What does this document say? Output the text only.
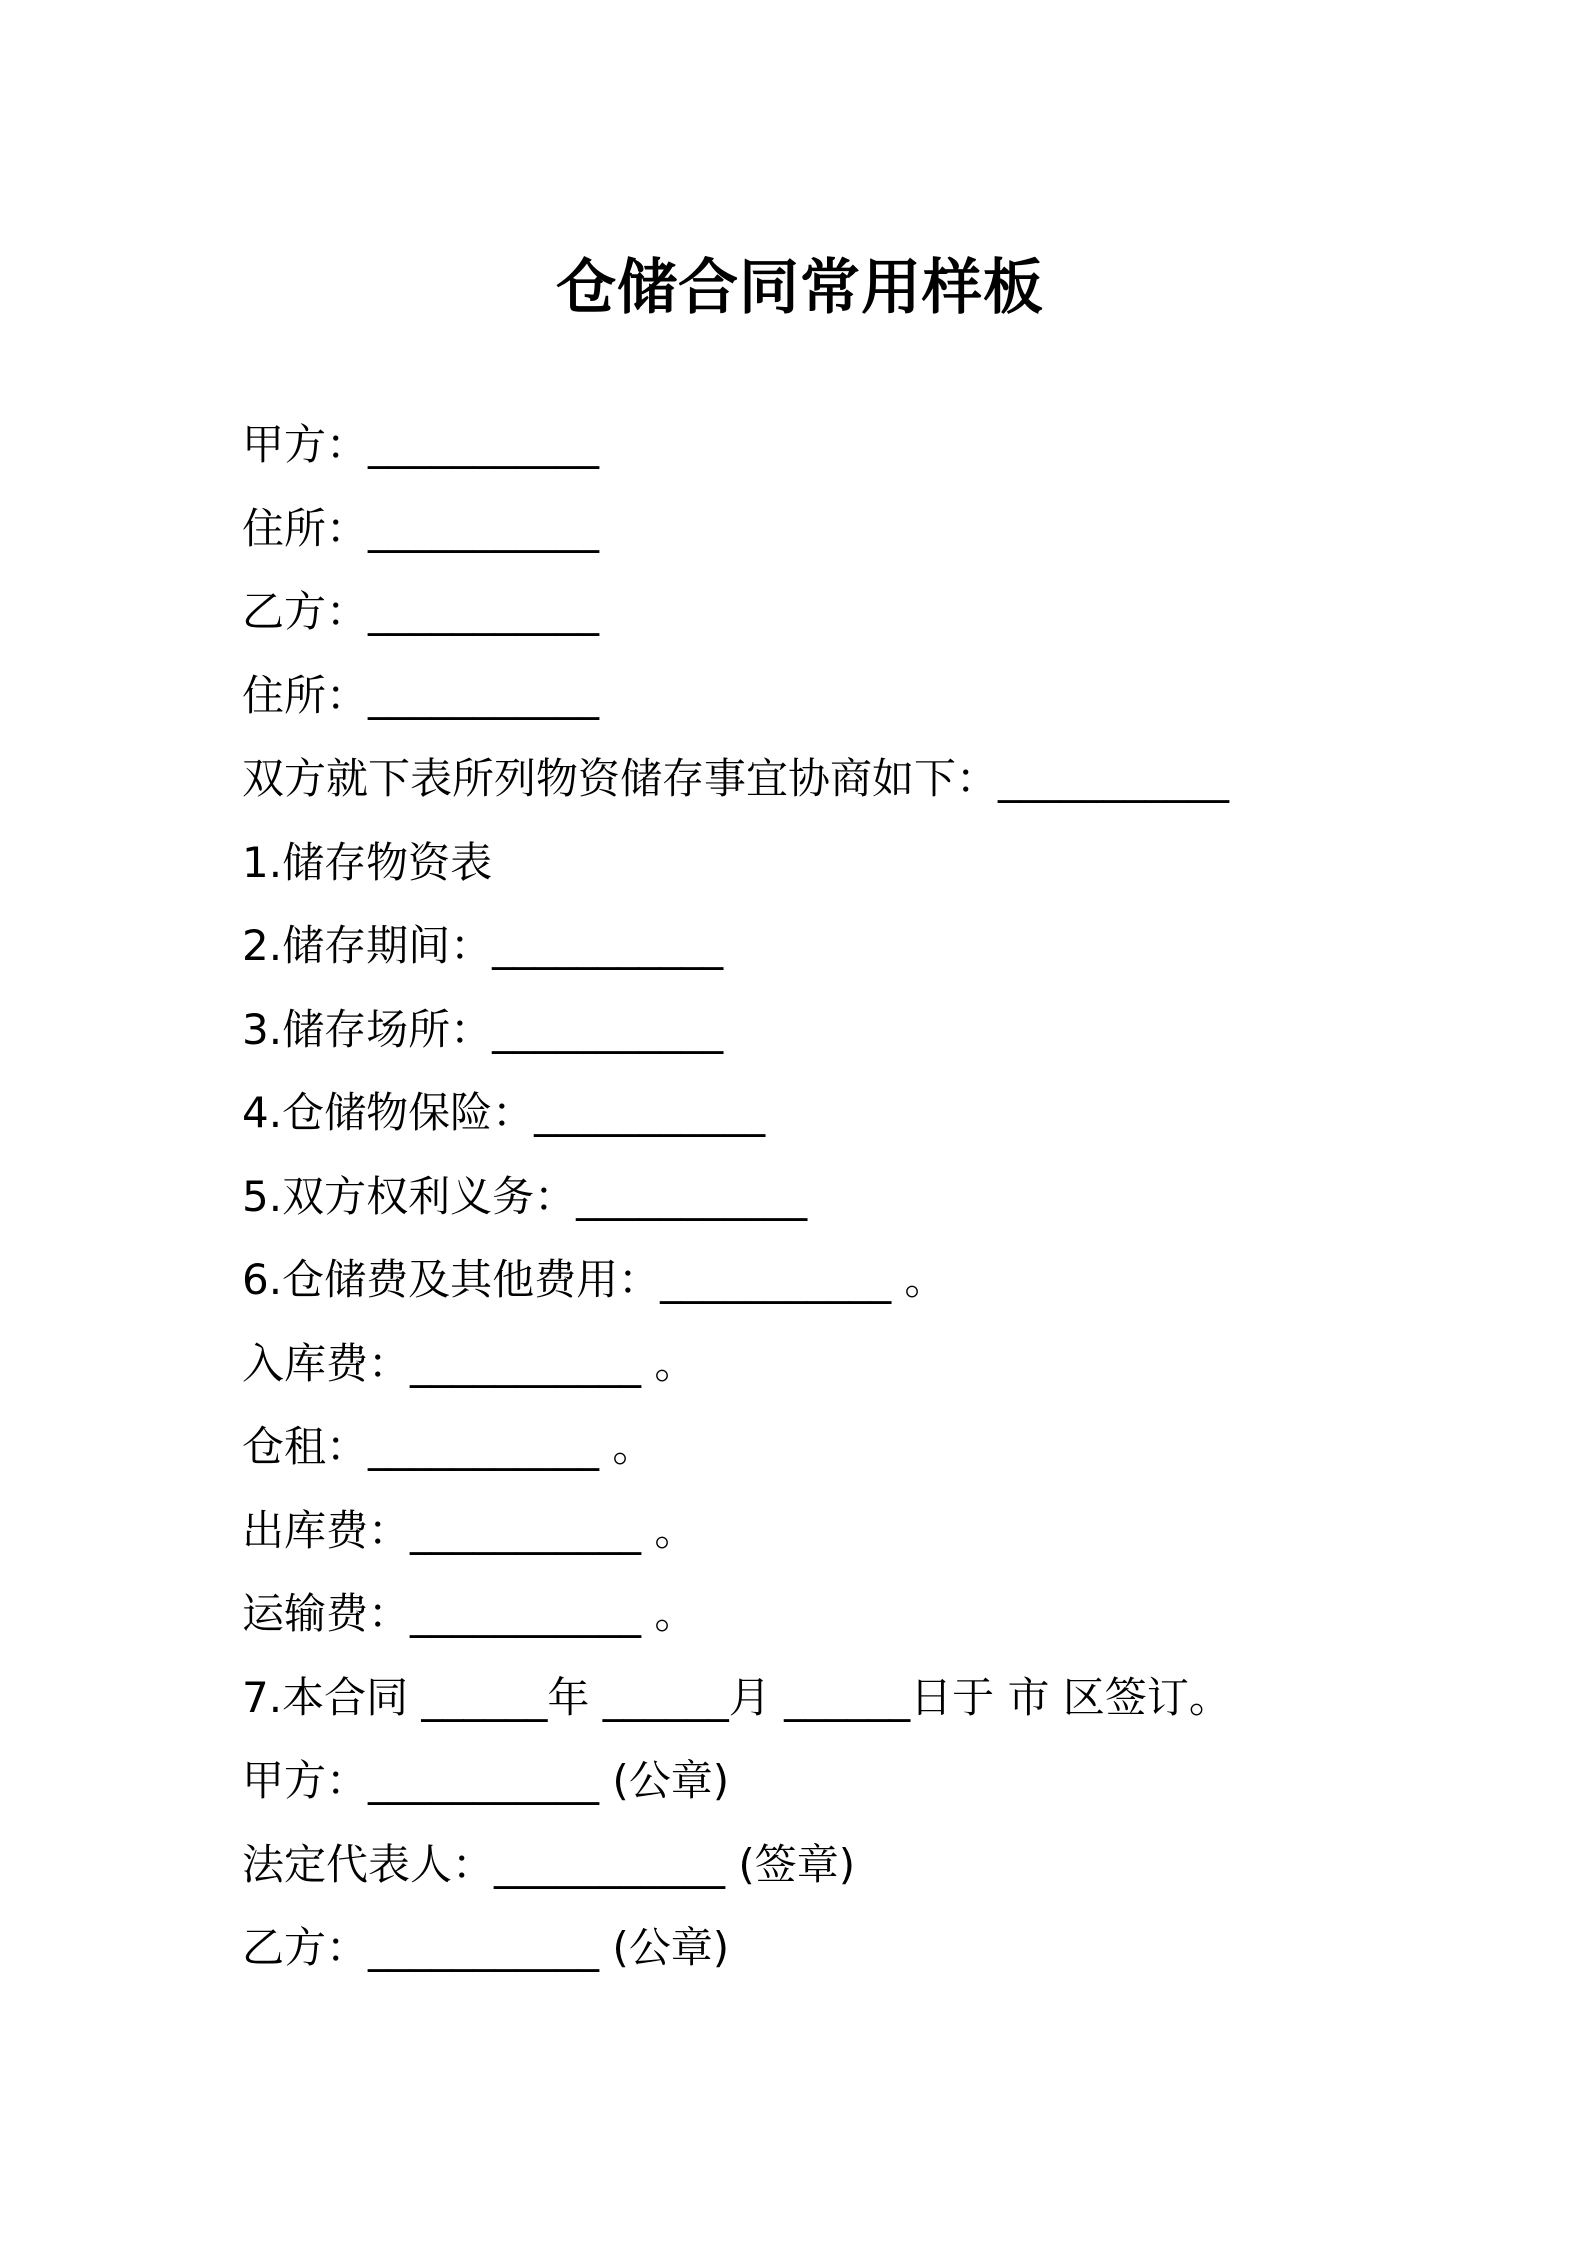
仓储合同常用样板
甲方：___________
住所：___________
乙方：___________
住所：___________
双方就下表所列物资储存事宜协商如下：___________
1.储存物资表
2.储存期间：___________
3.储存场所：___________
4.仓储物保险：___________
5.双方权利义务：___________
6.仓储费及其他费用：___________ 。
入库费：___________ 。
仓租：___________ 。
出库费：___________ 。
运输费：___________ 。
7.本合同 ______年 ______月 ______日于 市 区签订。
甲方：___________ (公章)
法定代表人：___________ (签章)
乙方：___________ (公章)
